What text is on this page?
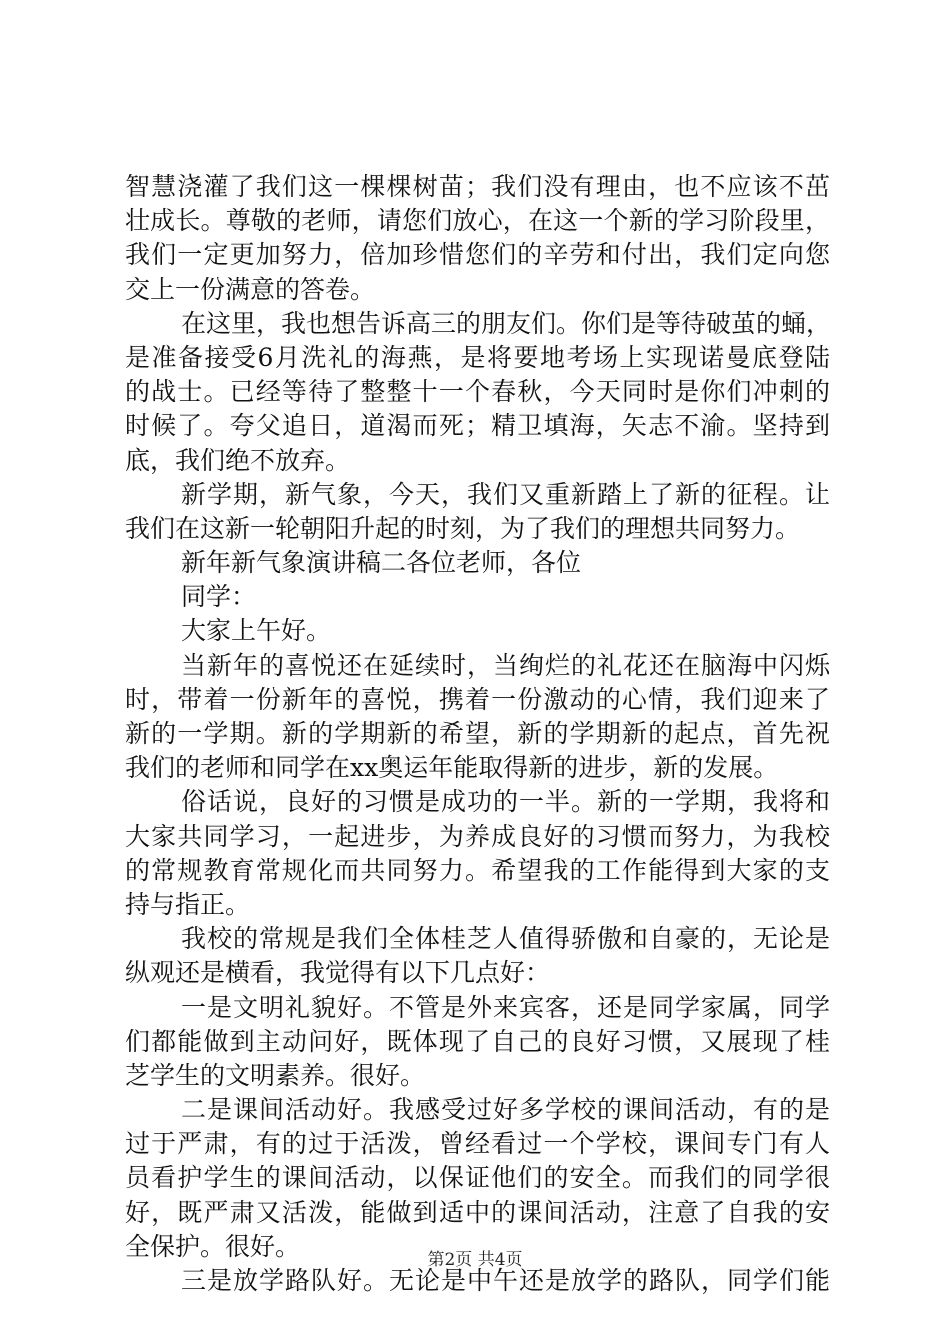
智慧浇灌了我们这一棵棵树苗；我们没有理由，也不应该不茁
壮成长。尊敬的老师，请您们放心，在这一个新的学习阶段里，
我们一定更加努力，倍加珍惜您们的辛劳和付出，我们定向您
交上一份满意的答卷。
在这里，我也想告诉高三的朋友们。你们是等待破茧的蛹，
是准备接受6月洗礼的海燕，是将要地考场上实现诺曼底登陆
的战士。已经等待了整整十一个春秋，今天同时是你们冲刺的
时候了。夸父追日，道渴而死；精卫填海，矢志不渝。坚持到
底，我们绝不放弃。
新学期，新气象，今天，我们又重新踏上了新的征程。让
我们在这新一轮朝阳升起的时刻，为了我们的理想共同努力。
新年新气象演讲稿二各位老师，各位
同学：
大家上午好。
当新年的喜悦还在延续时，当绚烂的礼花还在脑海中闪烁
时，带着一份新年的喜悦，携着一份激动的心情，我们迎来了
新的一学期。新的学期新的希望，新的学期新的起点，首先祝
我们的老师和同学在xx奥运年能取得新的进步，新的发展。
俗话说，良好的习惯是成功的一半。新的一学期，我将和
大家共同学习，一起进步，为养成良好的习惯而努力，为我校
的常规教育常规化而共同努力。希望我的工作能得到大家的支
持与指正。
我校的常规是我们全体桂芝人值得骄傲和自豪的，无论是
纵观还是横看，我觉得有以下几点好：
一是文明礼貌好。不管是外来宾客，还是同学家属，同学
们都能做到主动问好，既体现了自己的良好习惯，又展现了桂
芝学生的文明素养。很好。
二是课间活动好。我感受过好多学校的课间活动，有的是
过于严肃，有的过于活泼，曾经看过一个学校，课间专门有人
员看护学生的课间活动，以保证他们的安全。而我们的同学很
好，既严肃又活泼，能做到适中的课间活动，注意了自我的安
全保护。很好。
三是放学路队好。无论是中午还是放学的路队，同学们能
第2页 共4页
